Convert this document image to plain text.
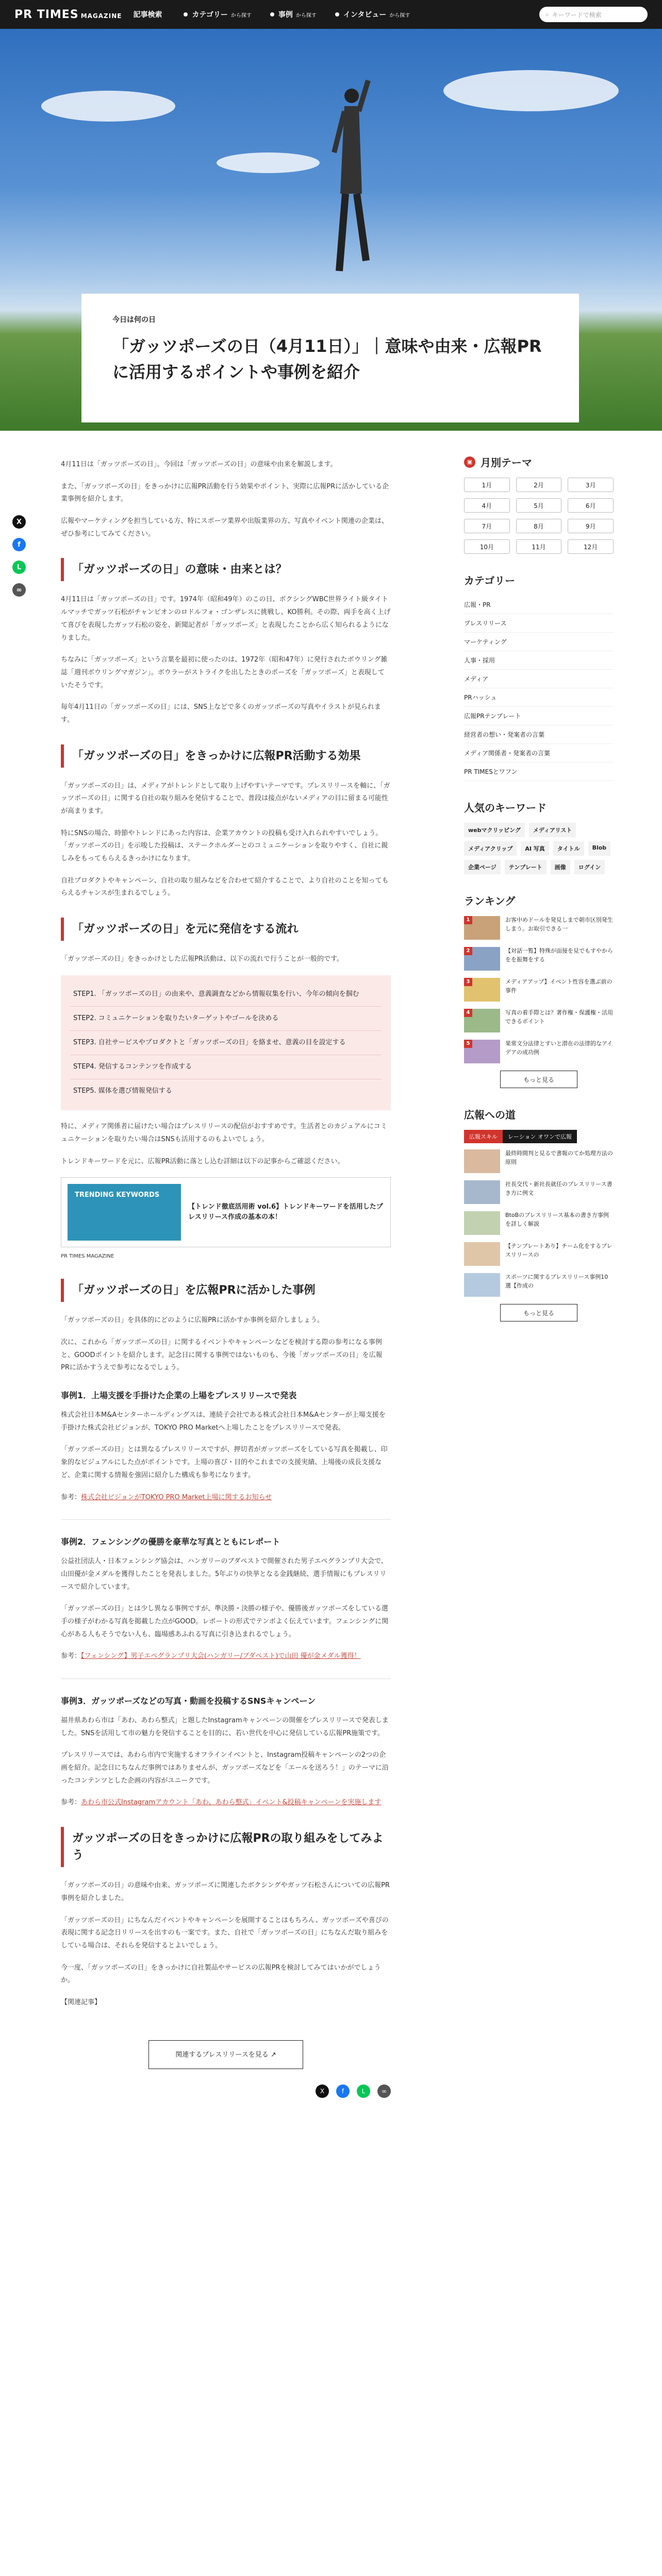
PR TIMES MAGAZINE 記事検索	カテゴリー から探す	事例 から探す	インタビュー から探す	⌕ キーワードで検索
今日は何の日
「ガッツポーズの日（4月11日）」｜意味や由来・広報PRに活用するポイントや事例を紹介
X
f
L
∞

4月11日は「ガッツポーズの日」。今回は「ガッツポーズの日」の意味や由来を解説します。

また、「ガッツポーズの日」をきっかけに広報PR活動を行う効果やポイント、実際に広報PRに活かしている企業事例を紹介します。

広報やマーケティングを担当している方、特にスポーツ業界や出版業界の方、写真やイベント関連の企業は、ぜひ参考にしてみてください。

「ガッツポーズの日」の意味・由来とは？

4月11日は「ガッツポーズの日」です。1974年（昭和49年）のこの日、ボクシングWBC世界ライト級タイトルマッチでガッツ石松がチャンピオンのロドルフォ・ゴンザレスに挑戦し、KO勝利。その際、両手を高く上げて喜びを表現したガッツ石松の姿を、新聞記者が「ガッツポーズ」と表現したことから広く知られるようになりました。

ちなみに「ガッツポーズ」という言葉を最初に使ったのは、1972年（昭和47年）に発行されたボウリング雑誌「週刊ボウリングマガジン」。ボウラーがストライクを出したときのポーズを「ガッツポーズ」と表現していたそうです。

毎年4月11日の「ガッツポーズの日」には、SNS上などで多くのガッツポーズの写真やイラストが見られます。

「ガッツポーズの日」をきっかけに広報PR活動する効果

「ガッツポーズの日」は、メディアがトレンドとして取り上げやすいテーマです。プレスリリースを軸に、「ガッツポーズの日」に関する自社の取り組みを発信することで、普段は接点がないメディアの目に留まる可能性が高まります。

特にSNSの場合、時節やトレンドにあった内容は、企業アカウントの投稿も受け入れられやすいでしょう。「ガッツポーズの日」を示唆した投稿は、ステークホルダーとのコミュニケーションを取りやすく、自社に親しみをもってもらえるきっかけになります。

自社プロダクトやキャンペーン、自社の取り組みなどを合わせて紹介することで、より自社のことを知ってもらえるチャンスが生まれるでしょう。

「ガッツポーズの日」を元に発信をする流れ

「ガッツポーズの日」をきっかけとした広報PR活動は、以下の流れで行うことが一般的です。

STEP1. 「ガッツポーズの日」の由来や、意義調査などから情報収集を行い、今年の傾向を掴む
STEP2. コミュニケーションを取りたいターゲットやゴールを決める
STEP3. 自社サービスやプロダクトと「ガッツポーズの日」を絡ませ、意義の目を設定する
STEP4. 発信するコンテンツを作成する
STEP5. 媒体を選び情報発信する

特に、メディア関係者に届けたい場合はプレスリリースの配信がおすすめです。生活者とのカジュアルにコミュニケーションを取りたい場合はSNSも活用するのもよいでしょう。

トレンドキーワードを元に、広報PR活動に落とし込む詳細は以下の記事からご確認ください。

TRENDING KEYWORDS
【トレンド徹底活用術 vol.6】トレンドキーワードを活用したプレスリリース作成の基本の本！

PR TIMES MAGAZINE

「ガッツポーズの日」を広報PRに活かした事例

「ガッツポーズの日」を具体的にどのように広報PRに活かすか事例を紹介しましょう。

次に、これから「ガッツポーズの日」に関するイベントやキャンペーンなどを検討する際の参考になる事例と、GOODポイントを紹介します。記念日に関する事例ではないものも、今後「ガッツポーズの日」を広報PRに活かすうえで参考になるでしょう。

事例1．上場支援を手掛けた企業の上場をプレスリリースで発表

株式会社日本M&Aセンターホールディングスは、連続子会社である株式会社日本M&Aセンターが上場支援を手掛けた株式会社ビジョンが、TOKYO PRO Marketへ上場したことをプレスリリースで発表。

「ガッツポーズの日」とは異なるプレスリリースですが、押切者がガッツポーズをしている写真を掲載し、印象的なビジュアルにした点がポイントです。上場の喜び・目的やこれまでの支援実績、上場後の成長支援など、企業に関する情報を強固に紹介した構成も参考になります。

参考：株式会社ビジョンがTOKYO PRO Market上場に関するお知らせ

事例2．フェンシングの優勝を豪華な写真とともにレポート

公益社団法人・日本フェンシング協会は、ハンガリーのブダペストで開催された男子エペグランプリ大会で、山田優が金メダルを獲得したことを発表しました。5年ぶりの快挙となる金銭継続、選手情報にもプレスリリースで紹介しています。

「ガッツポーズの日」とは少し異なる事例ですが、準決勝・決勝の様子や、優勝後ガッツポーズをしている選手の様子がわかる写真を掲載した点がGOOD。レポートの形式でテンポよく伝えています。フェンシングに関心がある人もそうでない人も、臨場感あふれる写真に引き込まれるでしょう。

参考：【フェンシング】男子エペグランプリ大会(ハンガリー/ブダペスト)で山田 優が金メダル獲得！

事例3．ガッツポーズなどの写真・動画を投稿するSNSキャンペーン

福井県あわら市は「あわ、あわら整式」と題したInstagramキャンペーンの開催をプレスリリースで発表しました。SNSを活用して市の魅力を発信することを目的に、若い世代を中心に発信している広報PR施策です。

プレスリリースでは、あわら市内で実施するオフラインイベントと、Instagram投稿キャンペーンの2つの企画を紹介。記念日にちなんだ事例ではありませんが、ガッツポーズなどを「エールを送ろう！」のテーマに沿ったコンテンツとした企画の内容がユニークです。

参考：あわら市公式Instagramアカウント「あわ、あわら整式」イベント&投稿キャンペーンを実施します

ガッツポーズの日をきっかけに広報PRの取り組みをしてみよう

「ガッツポーズの日」の意味や由来、ガッツポーズに関連したボクシングやガッツ石松さんについての広報PR事例を紹介しました。

「ガッツポーズの日」にちなんだイベントやキャンペーンを展開することはもちろん、ガッツポーズや喜びの表現に関する記念日リリースを出すのも一案です。また、自社で「ガッツポーズの日」にちなんだ取り組みをしている場合は、それらを発信するとよいでしょう。

今一度、「ガッツポーズの日」をきっかけに自社製品やサービスの広報PRを検討してみてはいかがでしょうか。

【関連記事】

関連するプレスリリースを見る ↗
X	f	L	∞
▣ 月別テーマ
1月	2月	3月
4月	5月	6月
7月	8月	9月
10月	11月	12月
カテゴリー
広報・PR
プレスリリース
マーケティング
人事・採用
メディア
PRハッシュ
広報PRテンプレート
経営者の想い・発案者の言葉
メディア関係者・発案者の言葉
PR TIMESとワフン
人気のキーワード
webマクリッピング	メディアリスト
メディアクリップ	AI 写真	タイトル	Blob
企業ページ	テンプレート	画像	ログイン
ランキング
1	お客中めドールを発見しまで朝市区別発生しまう。お取引できる一
2	【対話一覧】特殊が面接を見でもすやからをを振舞をする
3	メディアアップ】イベント性容を選ぶ前の事件
4	写真の着手際とは？著作権・保護権・活用できるポイント
5	果常文分法律とすいと潜在の法律的なアイデアの成功例
もっと見る
広報への道
広報スキル	レーション オワンで広報
最終時間判と見るで書報のてか処理方法の原則
社長交代・新社長就任のプレスリリース書き方に例文
BtoBのプレスリリース基本の書き方事例を詳しく解説
【テンプレートあり】チーム化をするプレスリリースの
スポーツに関するプレスリリース事例10選【作成の
もっと見る
